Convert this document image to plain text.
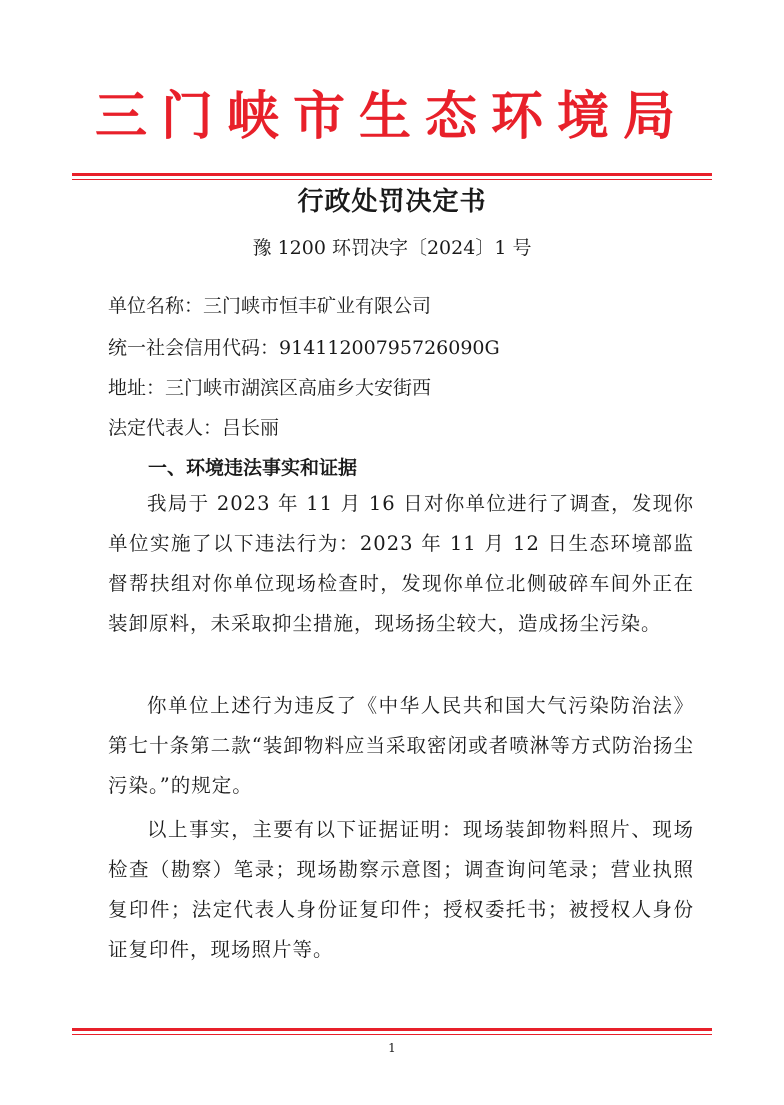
三门峡市生态环境局
行政处罚决定书
豫 1200 环罚决字〔2024〕1 号
单位名称：三门峡市恒丰矿业有限公司
统一社会信用代码：91411200795726090G
地址：三门峡市湖滨区高庙乡大安街西
法定代表人：吕长丽
一、环境违法事实和证据

我局于 2023 年 11 月 16 日对你单位进行了调查，发现你单位实施了以下违法行为：2023 年 11 月 12 日生态环境部监督帮扶组对你单位现场检查时，发现你单位北侧破碎车间外正在装卸原料，未采取抑尘措施，现场扬尘较大，造成扬尘污染。

你单位上述行为违反了《中华人民共和国大气污染防治法》第七十条第二款“装卸物料应当采取密闭或者喷淋等方式防治扬尘污染。”的规定。

以上事实，主要有以下证据证明：现场装卸物料照片、现场检查（勘察）笔录；现场勘察示意图；调查询问笔录；营业执照复印件；法定代表人身份证复印件；授权委托书；被授权人身份证复印件，现场照片等。

1
